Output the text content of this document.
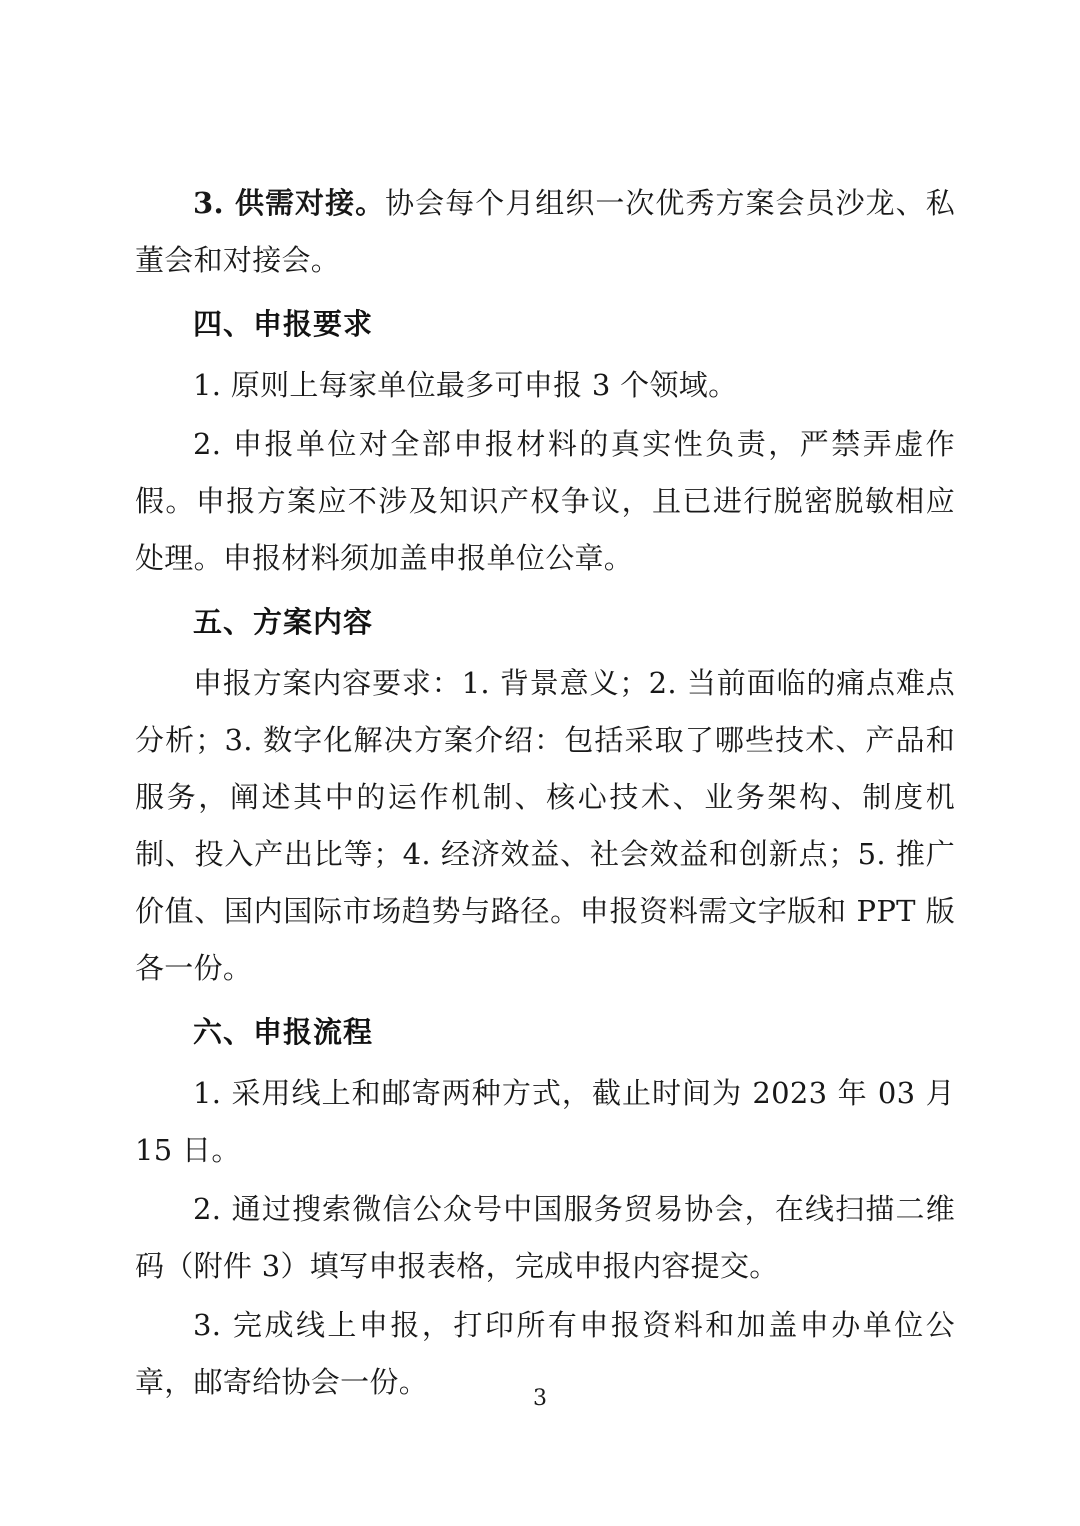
3. 供需对接。协会每个月组织一次优秀方案会员沙龙、私董会和对接会。

四、申报要求

1. 原则上每家单位最多可申报 3 个领域。

2. 申报单位对全部申报材料的真实性负责，严禁弄虚作假。申报方案应不涉及知识产权争议，且已进行脱密脱敏相应处理。申报材料须加盖申报单位公章。

五、方案内容

申报方案内容要求：1. 背景意义；2. 当前面临的痛点难点分析；3. 数字化解决方案介绍：包括采取了哪些技术、产品和服务，阐述其中的运作机制、核心技术、业务架构、制度机制、投入产出比等；4. 经济效益、社会效益和创新点；5. 推广价值、国内国际市场趋势与路径。申报资料需文字版和 PPT 版各一份。

六、申报流程

1. 采用线上和邮寄两种方式，截止时间为 2023 年 03 月 15 日。

2. 通过搜索微信公众号中国服务贸易协会，在线扫描二维码（附件 3）填写申报表格，完成申报内容提交。

3. 完成线上申报，打印所有申报资料和加盖申办单位公章，邮寄给协会一份。	3
